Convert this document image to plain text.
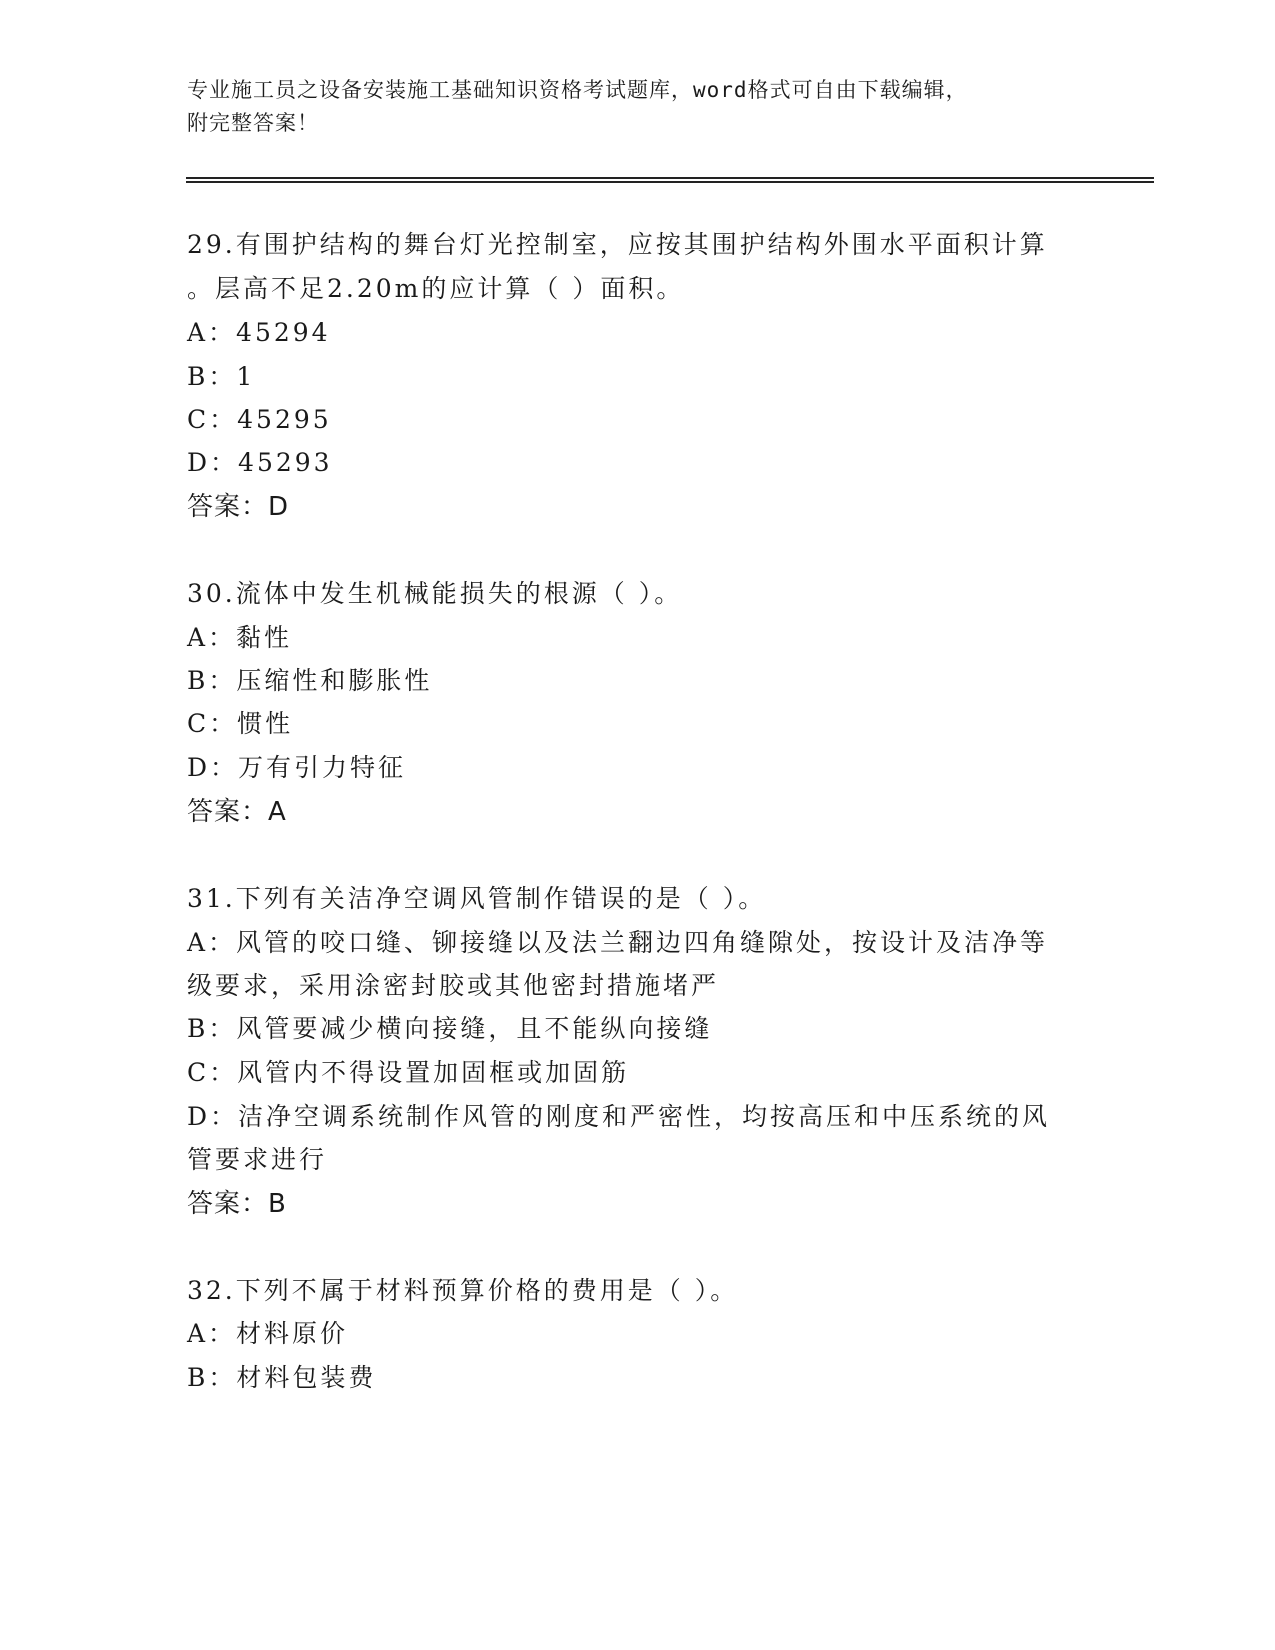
专业施工员之设备安装施工基础知识资格考试题库，word格式可自由下载编辑，
附完整答案！
29.有围护结构的舞台灯光控制室，应按其围护结构外围水平面积计算
。层高不足2.20m的应计算（ ）面积。
A：45294
B：1
C：45295
D：45293
答案：D
30.流体中发生机械能损失的根源（ ）。
A：黏性
B：压缩性和膨胀性
C：惯性
D：万有引力特征
答案：A
31.下列有关洁净空调风管制作错误的是（ ）。
A：风管的咬口缝、铆接缝以及法兰翻边四角缝隙处，按设计及洁净等
级要求，采用涂密封胶或其他密封措施堵严
B：风管要减少横向接缝，且不能纵向接缝
C：风管内不得设置加固框或加固筋
D：洁净空调系统制作风管的刚度和严密性，均按高压和中压系统的风
管要求进行
答案：B
32.下列不属于材料预算价格的费用是（ ）。
A：材料原价
B：材料包装费
